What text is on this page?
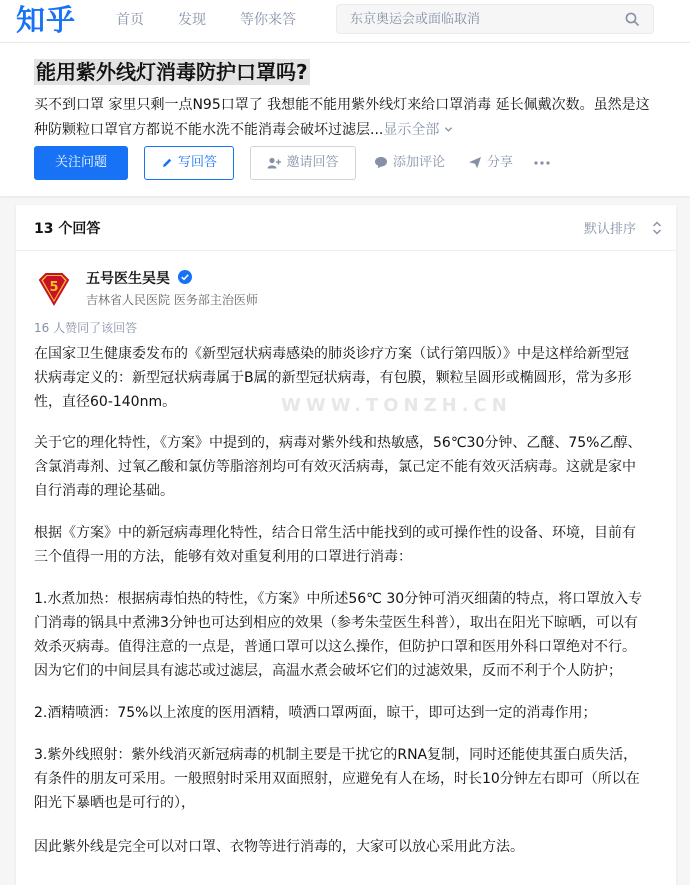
知乎	首页 发现 等你来答
东京奥运会或面临取消
能用紫外线灯消毒防护口罩吗?
买不到口罩 家里只剩一点N95口罩了 我想能不能用紫外线灯来给口罩消毒 延长佩戴次数。虽然是这
种防颗粒口罩官方都说不能水洗不能消毒会破坏过滤层...显示全部
关注问题	写回答	邀请回答	添加评论	分享
13 个回答	默认排序
5
五号医生吴昊
吉林省人民医院 医务部主治医师
16 人赞同了该回答
WWW.TONZH.CN
在国家卫生健康委发布的《新型冠状病毒感染的肺炎诊疗方案（试行第四版）》中是这样给新型冠
状病毒定义的：新型冠状病毒属于B属的新型冠状病毒，有包膜，颗粒呈圆形或椭圆形，常为多形
性，直径60-140nm。
关于它的理化特性，《方案》中提到的，病毒对紫外线和热敏感，56℃30分钟、乙醚、75%乙醇、
含氯消毒剂、过氧乙酸和氯仿等脂溶剂均可有效灭活病毒，氯己定不能有效灭活病毒。这就是家中
自行消毒的理论基础。
根据《方案》中的新冠病毒理化特性，结合日常生活中能找到的或可操作性的设备、环境，目前有
三个值得一用的方法，能够有效对重复利用的口罩进行消毒：
1.水煮加热：根据病毒怕热的特性，《方案》中所述56℃ 30分钟可消灭细菌的特点，将口罩放入专
门消毒的锅具中煮沸3分钟也可达到相应的效果（参考朱莹医生科普），取出在阳光下晾晒，可以有
效杀灭病毒。值得注意的一点是，普通口罩可以这么操作，但防护口罩和医用外科口罩绝对不行。
因为它们的中间层具有滤芯或过滤层，高温水煮会破坏它们的过滤效果，反而不利于个人防护；
2.酒精喷洒：75%以上浓度的医用酒精，喷洒口罩两面，晾干，即可达到一定的消毒作用；
3.紫外线照射：紫外线消灭新冠病毒的机制主要是干扰它的RNA复制，同时还能使其蛋白质失活，
有条件的朋友可采用。一般照射时采用双面照射，应避免有人在场，时长10分钟左右即可（所以在
阳光下暴晒也是可行的），
因此紫外线是完全可以对口罩、衣物等进行消毒的，大家可以放心采用此方法。
